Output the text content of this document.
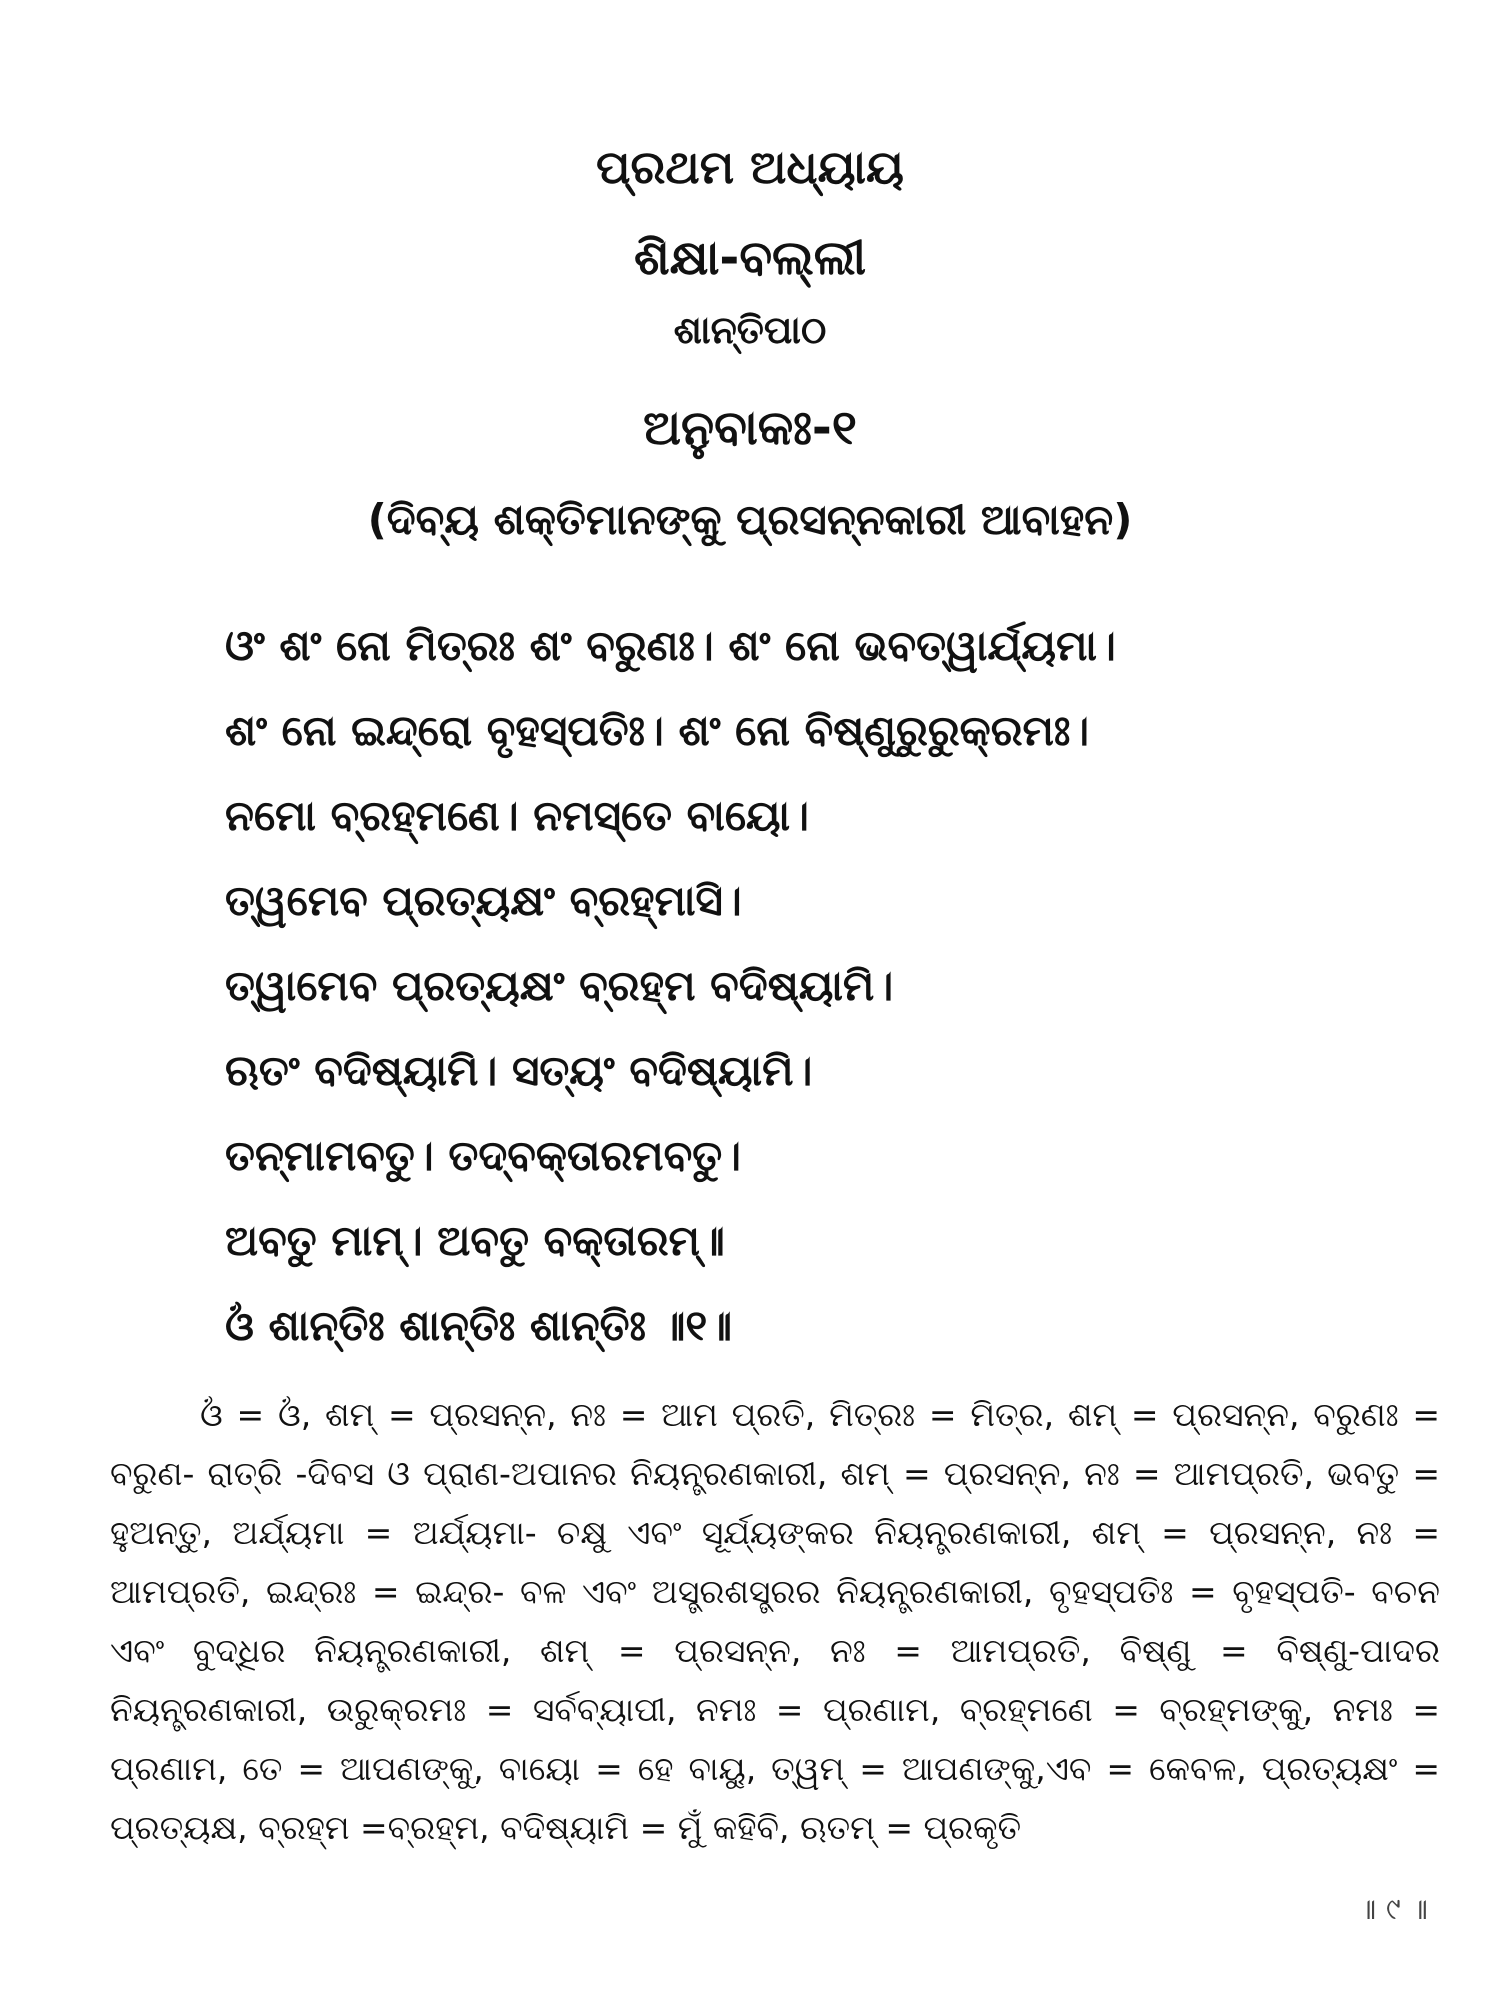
ପ୍ରଥମ ଅଧ୍ୟାୟ
ଶିକ୍ଷା-ବଲ୍ଲୀ
ଶାନ୍ତିପାଠ
ଅନୁବାକଃ-୧
(ଦିବ୍ୟ ଶକ୍ତିମାନଙ୍କୁ ପ୍ରସନ୍ନକାରୀ ଆବାହନ)
ଓଂ ଶଂ ନୋ ମିତ୍ରଃ ଶଂ ବରୁଣଃ। ଶଂ ନୋ ଭବତ୍ୱାର୍ଯ୍ୟମା।
ଶଂ ନୋ ଇନ୍ଦ୍ରୋ ବୃହସ୍ପତିଃ। ଶଂ ନୋ ବିଷ୍ଣୁରୁରୁକ୍ରମଃ।
ନମୋ ବ୍ରହ୍ମଣେ। ନମସ୍ତେ ବାୟୋ।
ତ୍ୱମେବ ପ୍ରତ୍ୟକ୍ଷଂ ବ୍ରହ୍ମାସି।
ତ୍ୱାମେବ ପ୍ରତ୍ୟକ୍ଷଂ ବ୍ରହ୍ମ ବଦିଷ୍ୟାମି।
ଋତଂ ବଦିଷ୍ୟାମି। ସତ୍ୟଂ ବଦିଷ୍ୟାମି।
ତନ୍ମାମବତୁ। ତଦ୍‌ବକ୍ତାରମବତୁ।
ଅବତୁ ମାମ୍। ଅବତୁ ବକ୍ତାରମ୍॥
ଓଁ ଶାନ୍ତିଃ ଶାନ୍ତିଃ ଶାନ୍ତିଃ ॥୧॥

ଓଁ = ଓଁ, ଶମ୍ = ପ୍ରସନ୍ନ, ନଃ = ଆମ ପ୍ରତି, ମିତ୍ରଃ = ମିତ୍ର, ଶମ୍ = ପ୍ରସନ୍ନ, ବରୁଣଃ = ବରୁଣ- ରାତ୍ରି -ଦିବସ ଓ ପ୍ରାଣ-ଅପାନର ନିୟନ୍ତ୍ରଣକାରୀ, ଶମ୍ = ପ୍ରସନ୍ନ, ନଃ = ଆମପ୍ରତି, ଭବତୁ = ହୁଅନ୍ତୁ, ଅର୍ଯ୍ୟମା = ଅର୍ଯ୍ୟମା- ଚକ୍ଷୁ ଏବଂ ସୂର୍ଯ୍ୟଙ୍କର ନିୟନ୍ତ୍ରଣକାରୀ, ଶମ୍ = ପ୍ରସନ୍ନ, ନଃ = ଆମପ୍ରତି, ଇନ୍ଦ୍ରଃ = ଇନ୍ଦ୍ର- ବଳ ଏବଂ ଅସ୍ତ୍ରଶସ୍ତ୍ରର ନିୟନ୍ତ୍ରଣକାରୀ, ବୃହସ୍ପତିଃ = ବୃହସ୍ପତି- ବଚନ ଏବଂ ବୁଦ୍ଧିର ନିୟନ୍ତ୍ରଣକାରୀ, ଶମ୍ = ପ୍ରସନ୍ନ, ନଃ = ଆମପ୍ରତି, ବିଷ୍ଣୁ = ବିଷ୍ଣୁ-ପାଦର ନିୟନ୍ତ୍ରଣକାରୀ, ଉରୁକ୍ରମଃ = ସର୍ବବ୍ୟାପୀ, ନମଃ = ପ୍ରଣାମ, ବ୍ରହ୍ମଣେ = ବ୍ରହ୍ମଙ୍କୁ, ନମଃ = ପ୍ରଣାମ, ତେ = ଆପଣଙ୍କୁ, ବାୟୋ = ହେ ବାୟୁ, ତ୍ୱମ୍ = ଆପଣଙ୍କୁ,ଏବ = କେବଳ, ପ୍ରତ୍ୟକ୍ଷଂ = ପ୍ରତ୍ୟକ୍ଷ, ବ୍ରହ୍ମ =ବ୍ରହ୍ମ, ବଦିଷ୍ୟାମି = ମୁଁ କହିବି, ଋତମ୍ = ପ୍ରକୃତି

॥ ୯ ॥
